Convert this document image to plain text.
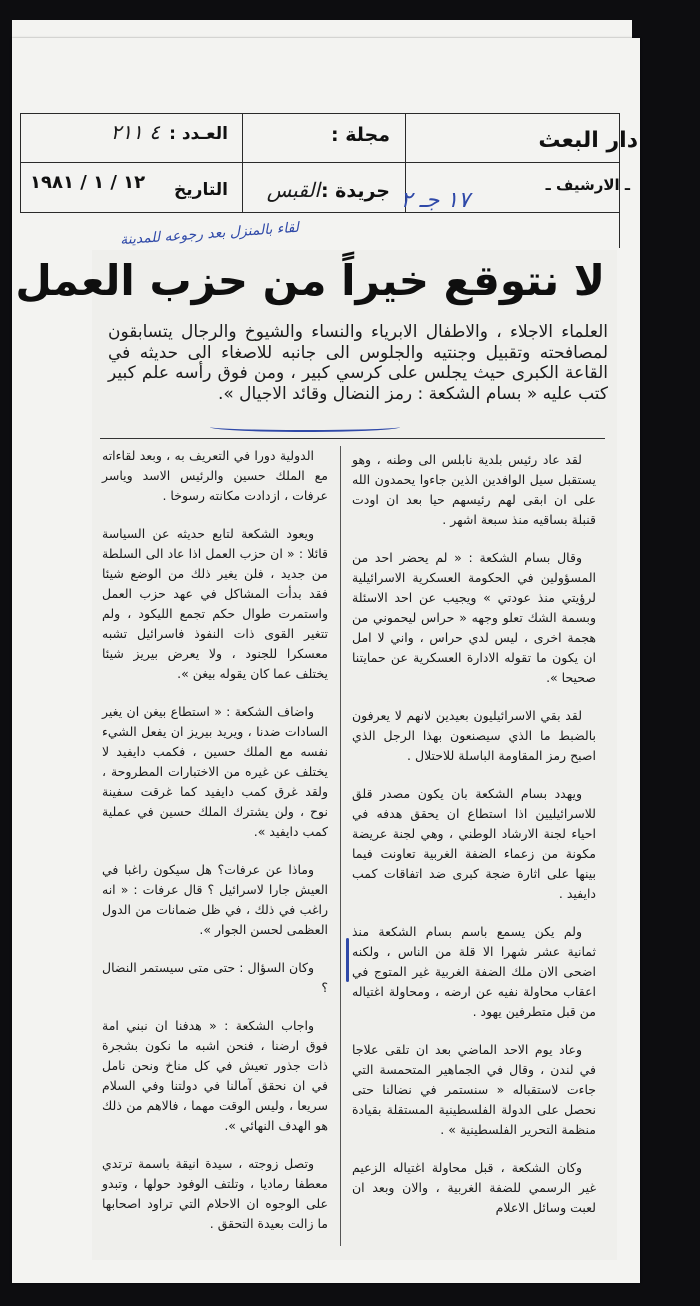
دار البعث
ـ الارشيف ـ
مجلة :
جريدة :
القبس
العـدد :
٤ ٢١١
التاريخ
١٢ / ١ / ١٩٨١
١٧ جـ ٢
لقاء بالمنزل بعد رجوعه للمدينة
لا نتوقع خيراً من حزب العمل

العلماء الاجلاء ، والاطفال الابرياء والنساء والشيوخ والرجال يتسابقون لمصافحته وتقبيل وجنتيه والجلوس الى جانبه للاصغاء الى حديثه في القاعة الكبرى حيث يجلس على كرسي كبير ، ومن فوق رأسه علم كبير كتب عليه « بسام الشكعة : رمز النضال وقائد الاجيال ».

لقد عاد رئيس بلدية نابلس الى وطنه ، وهو يستقبل سيل الوافدين الذين جاءوا يحمدون الله على ان ابقى لهم رئيسهم حيا بعد ان اودت قنبلة بساقيه منذ سبعة اشهر .

وقال بسام الشكعة : « لم يحضر احد من المسؤولين في الحكومة العسكرية الاسرائيلية لرؤيتي منذ عودتي » ويجيب عن احد الاسئلة وبسمة الشك تعلو وجهه « حراس ليحموني من هجمة اخرى ، ليس لدي حراس ، واني لا امل ان يكون ما تقوله الادارة العسكرية عن حمايتنا صحيحا ».

لقد بقي الاسرائيليون بعيدين لانهم لا يعرفون بالضبط ما الذي سيصنعون بهذا الرجل الذي اصبح رمز المقاومة الباسلة للاحتلال .

ويهدد بسام الشكعة بان يكون مصدر قلق للاسرائيليين اذا استطاع ان يحقق هدفه في احياء لجنة الارشاد الوطني ، وهي لجنة عريضة مكونة من زعماء الضفة الغربية تعاونت فيما بينها على اثارة ضجة كبرى ضد اتفاقات كمب دايفيد .

ولم يكن يسمع باسم بسام الشكعة منذ ثمانية عشر شهرا الا قلة من الناس ، ولكنه اضحى الان ملك الضفة الغربية غير المتوج في اعقاب محاولة نفيه عن ارضه ، ومحاولة اغتياله من قبل متطرفين يهود .

وعاد يوم الاحد الماضي بعد ان تلقى علاجا في لندن ، وقال في الجماهير المتحمسة التي جاءت لاستقباله « سنستمر في نضالنا حتى نحصل على الدولة الفلسطينية المستقلة بقيادة منظمة التحرير الفلسطينية » .

وكان الشكعة ، قبل محاولة اغتياله الزعيم غير الرسمي للضفة الغربية ، والان وبعد ان لعبت وسائل الاعلام

الدولية دورا في التعريف به ، وبعد لقاءاته مع الملك حسين والرئيس الاسد وياسر عرفات ، ازدادت مكانته رسوخا .

ويعود الشكعة لتابع حديثه عن السياسة قائلا : « ان حزب العمل اذا عاد الى السلطة من جديد ، فلن يغير ذلك من الوضع شيئا فقد بدأت المشاكل في عهد حزب العمل واستمرت طوال حكم تجمع الليكود ، ولم تتغير القوى ذات النفوذ فاسرائيل تشبه معسكرا للجنود ، ولا يعرض بيريز شيئا يختلف عما كان يقوله بيغن ».

واضاف الشكعة : « استطاع بيغن ان يغير السادات ضدنا ، ويريد بيريز ان يفعل الشيء نفسه مع الملك حسين ، فكمب دايفيد لا يختلف عن غيره من الاختبارات المطروحة ، ولقد غرق كمب دايفيد كما غرقت سفينة نوح ، ولن يشترك الملك حسين في عملية كمب دايفيد ».

وماذا عن عرفات؟ هل سيكون راغبا في العيش جارا لاسرائيل ؟ قال عرفات : « انه راغب في ذلك ، في ظل ضمانات من الدول العظمى لحسن الجوار ».

وكان السؤال : حتى متى سيستمر النضال ؟

واجاب الشكعة : « هدفنا ان نبني امة فوق ارضنا ، فنحن اشبه ما نكون بشجرة ذات جذور تعيش في كل مناخ ونحن نامل في ان نحقق آمالنا في دولتنا وفي السلام سريعا ، وليس الوقت مهما ، فالاهم من ذلك هو الهدف النهائي ».

وتصل زوجته ، سيدة انيقة باسمة ترتدي معطفا رماديا ، وتلتف الوفود حولها ، وتبدو على الوجوه ان الاحلام التي تراود اصحابها ما زالت بعيدة التحقق .
